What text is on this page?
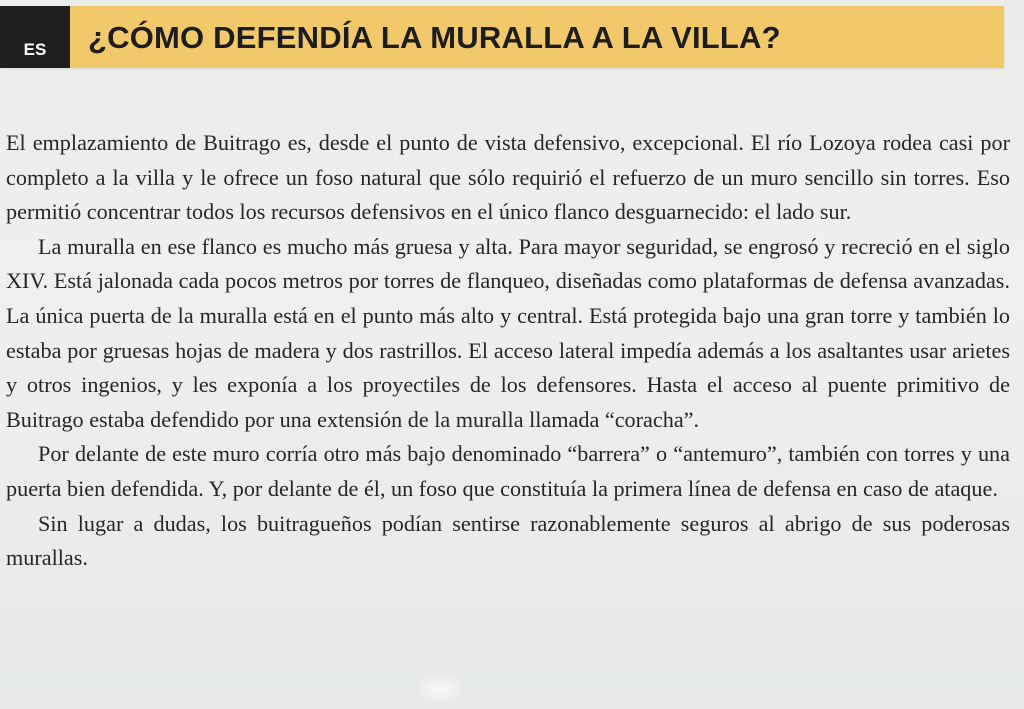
ES	¿CÓMO DEFENDÍA LA MURALLA A LA VILLA?

El emplazamiento de Buitrago es, desde el punto de vista defensivo, excepcional. El río Lozoya rodea casi por completo a la villa y le ofrece un foso natural que sólo requirió el refuerzo de un muro sencillo sin torres. Eso permitió concentrar todos los recursos defensivos en el único flanco desguarnecido: el lado sur.

La muralla en ese flanco es mucho más gruesa y alta. Para mayor seguridad, se engrosó y recreció en el siglo XIV. Está jalonada cada pocos metros por torres de flanqueo, diseñadas como plataformas de defensa avanzadas. La única puerta de la muralla está en el punto más alto y central. Está protegida bajo una gran torre y también lo estaba por gruesas hojas de madera y dos rastrillos. El acceso lateral impedía además a los asaltantes usar arietes y otros ingenios, y les exponía a los proyectiles de los defensores. Hasta el acceso al puente primitivo de Buitrago estaba defendido por una extensión de la muralla llamada “coracha”.

Por delante de este muro corría otro más bajo denominado “barrera” o “antemuro”, también con torres y una puerta bien defendida. Y, por delante de él, un foso que constituía la primera línea de defensa en caso de ataque.

Sin lugar a dudas, los buitragueños podían sentirse razonablemente seguros al abrigo de sus poderosas murallas.
